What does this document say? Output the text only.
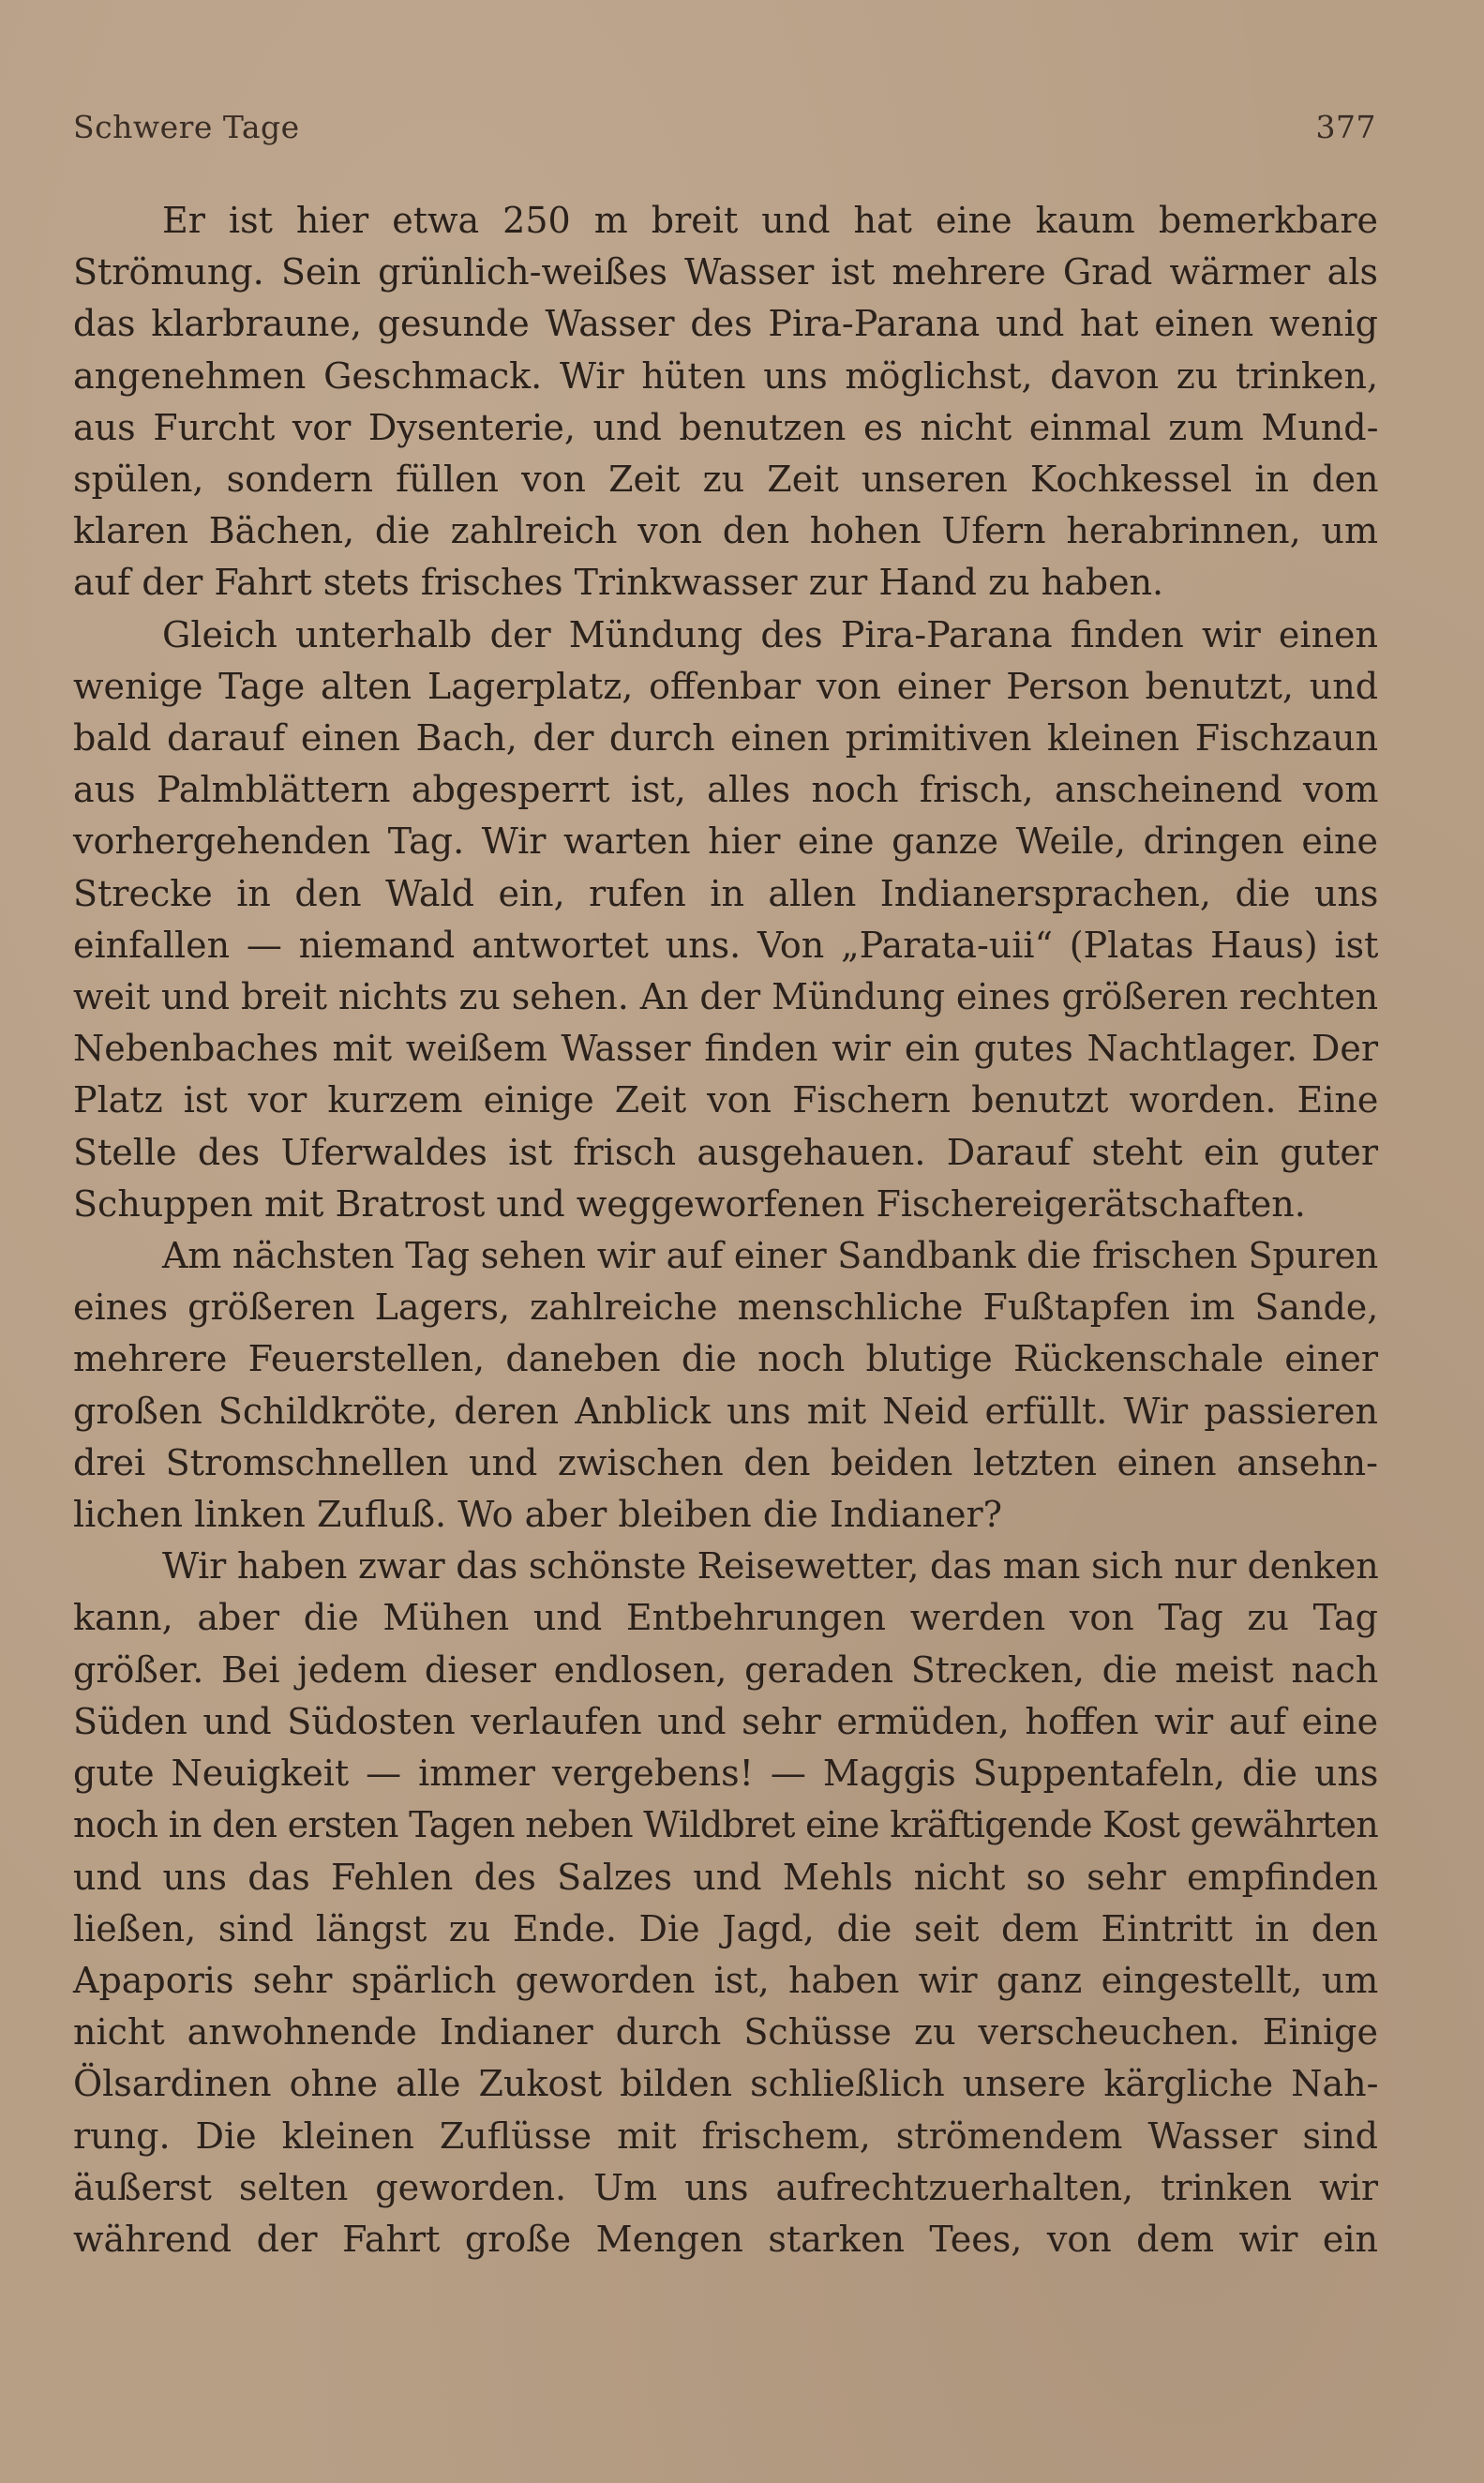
Schwere Tage	377

Er ist hier etwa 250 m breit und hat eine kaum bemerkbare
Strömung. Sein grünlich-weißes Wasser ist mehrere Grad wärmer als
das klarbraune, gesunde Wasser des Pira-Parana und hat einen wenig
angenehmen Geschmack. Wir hüten uns möglichst, davon zu trinken,
aus Furcht vor Dysenterie, und benutzen es nicht einmal zum Mund-
spülen, sondern füllen von Zeit zu Zeit unseren Kochkessel in den
klaren Bächen, die zahlreich von den hohen Ufern herabrinnen, um
auf der Fahrt stets frisches Trinkwasser zur Hand zu haben.

Gleich unterhalb der Mündung des Pira-Parana finden wir einen
wenige Tage alten Lagerplatz, offenbar von einer Person benutzt, und
bald darauf einen Bach, der durch einen primitiven kleinen Fischzaun
aus Palmblättern abgesperrt ist, alles noch frisch, anscheinend vom
vorhergehenden Tag. Wir warten hier eine ganze Weile, dringen eine
Strecke in den Wald ein, rufen in allen Indianersprachen, die uns
einfallen — niemand antwortet uns. Von „Parata-uii“ (Platas Haus) ist
weit und breit nichts zu sehen. An der Mündung eines größeren rechten
Nebenbaches mit weißem Wasser finden wir ein gutes Nachtlager. Der
Platz ist vor kurzem einige Zeit von Fischern benutzt worden. Eine
Stelle des Uferwaldes ist frisch ausgehauen. Darauf steht ein guter
Schuppen mit Bratrost und weggeworfenen Fischereigerätschaften.

Am nächsten Tag sehen wir auf einer Sandbank die frischen Spuren
eines größeren Lagers, zahlreiche menschliche Fußtapfen im Sande,
mehrere Feuerstellen, daneben die noch blutige Rückenschale einer
großen Schildkröte, deren Anblick uns mit Neid erfüllt. Wir passieren
drei Stromschnellen und zwischen den beiden letzten einen ansehn-
lichen linken Zufluß. Wo aber bleiben die Indianer?

Wir haben zwar das schönste Reisewetter, das man sich nur denken
kann, aber die Mühen und Entbehrungen werden von Tag zu Tag
größer. Bei jedem dieser endlosen, geraden Strecken, die meist nach
Süden und Südosten verlaufen und sehr ermüden, hoffen wir auf eine
gute Neuigkeit — immer vergebens! — Maggis Suppentafeln, die uns
noch in den ersten Tagen neben Wildbret eine kräftigende Kost gewährten
und uns das Fehlen des Salzes und Mehls nicht so sehr empfinden
ließen, sind längst zu Ende. Die Jagd, die seit dem Eintritt in den
Apaporis sehr spärlich geworden ist, haben wir ganz eingestellt, um
nicht anwohnende Indianer durch Schüsse zu verscheuchen. Einige
Ölsardinen ohne alle Zukost bilden schließlich unsere kärgliche Nah-
rung. Die kleinen Zuflüsse mit frischem, strömendem Wasser sind
äußerst selten geworden. Um uns aufrechtzuerhalten, trinken wir
während der Fahrt große Mengen starken Tees, von dem wir ein
